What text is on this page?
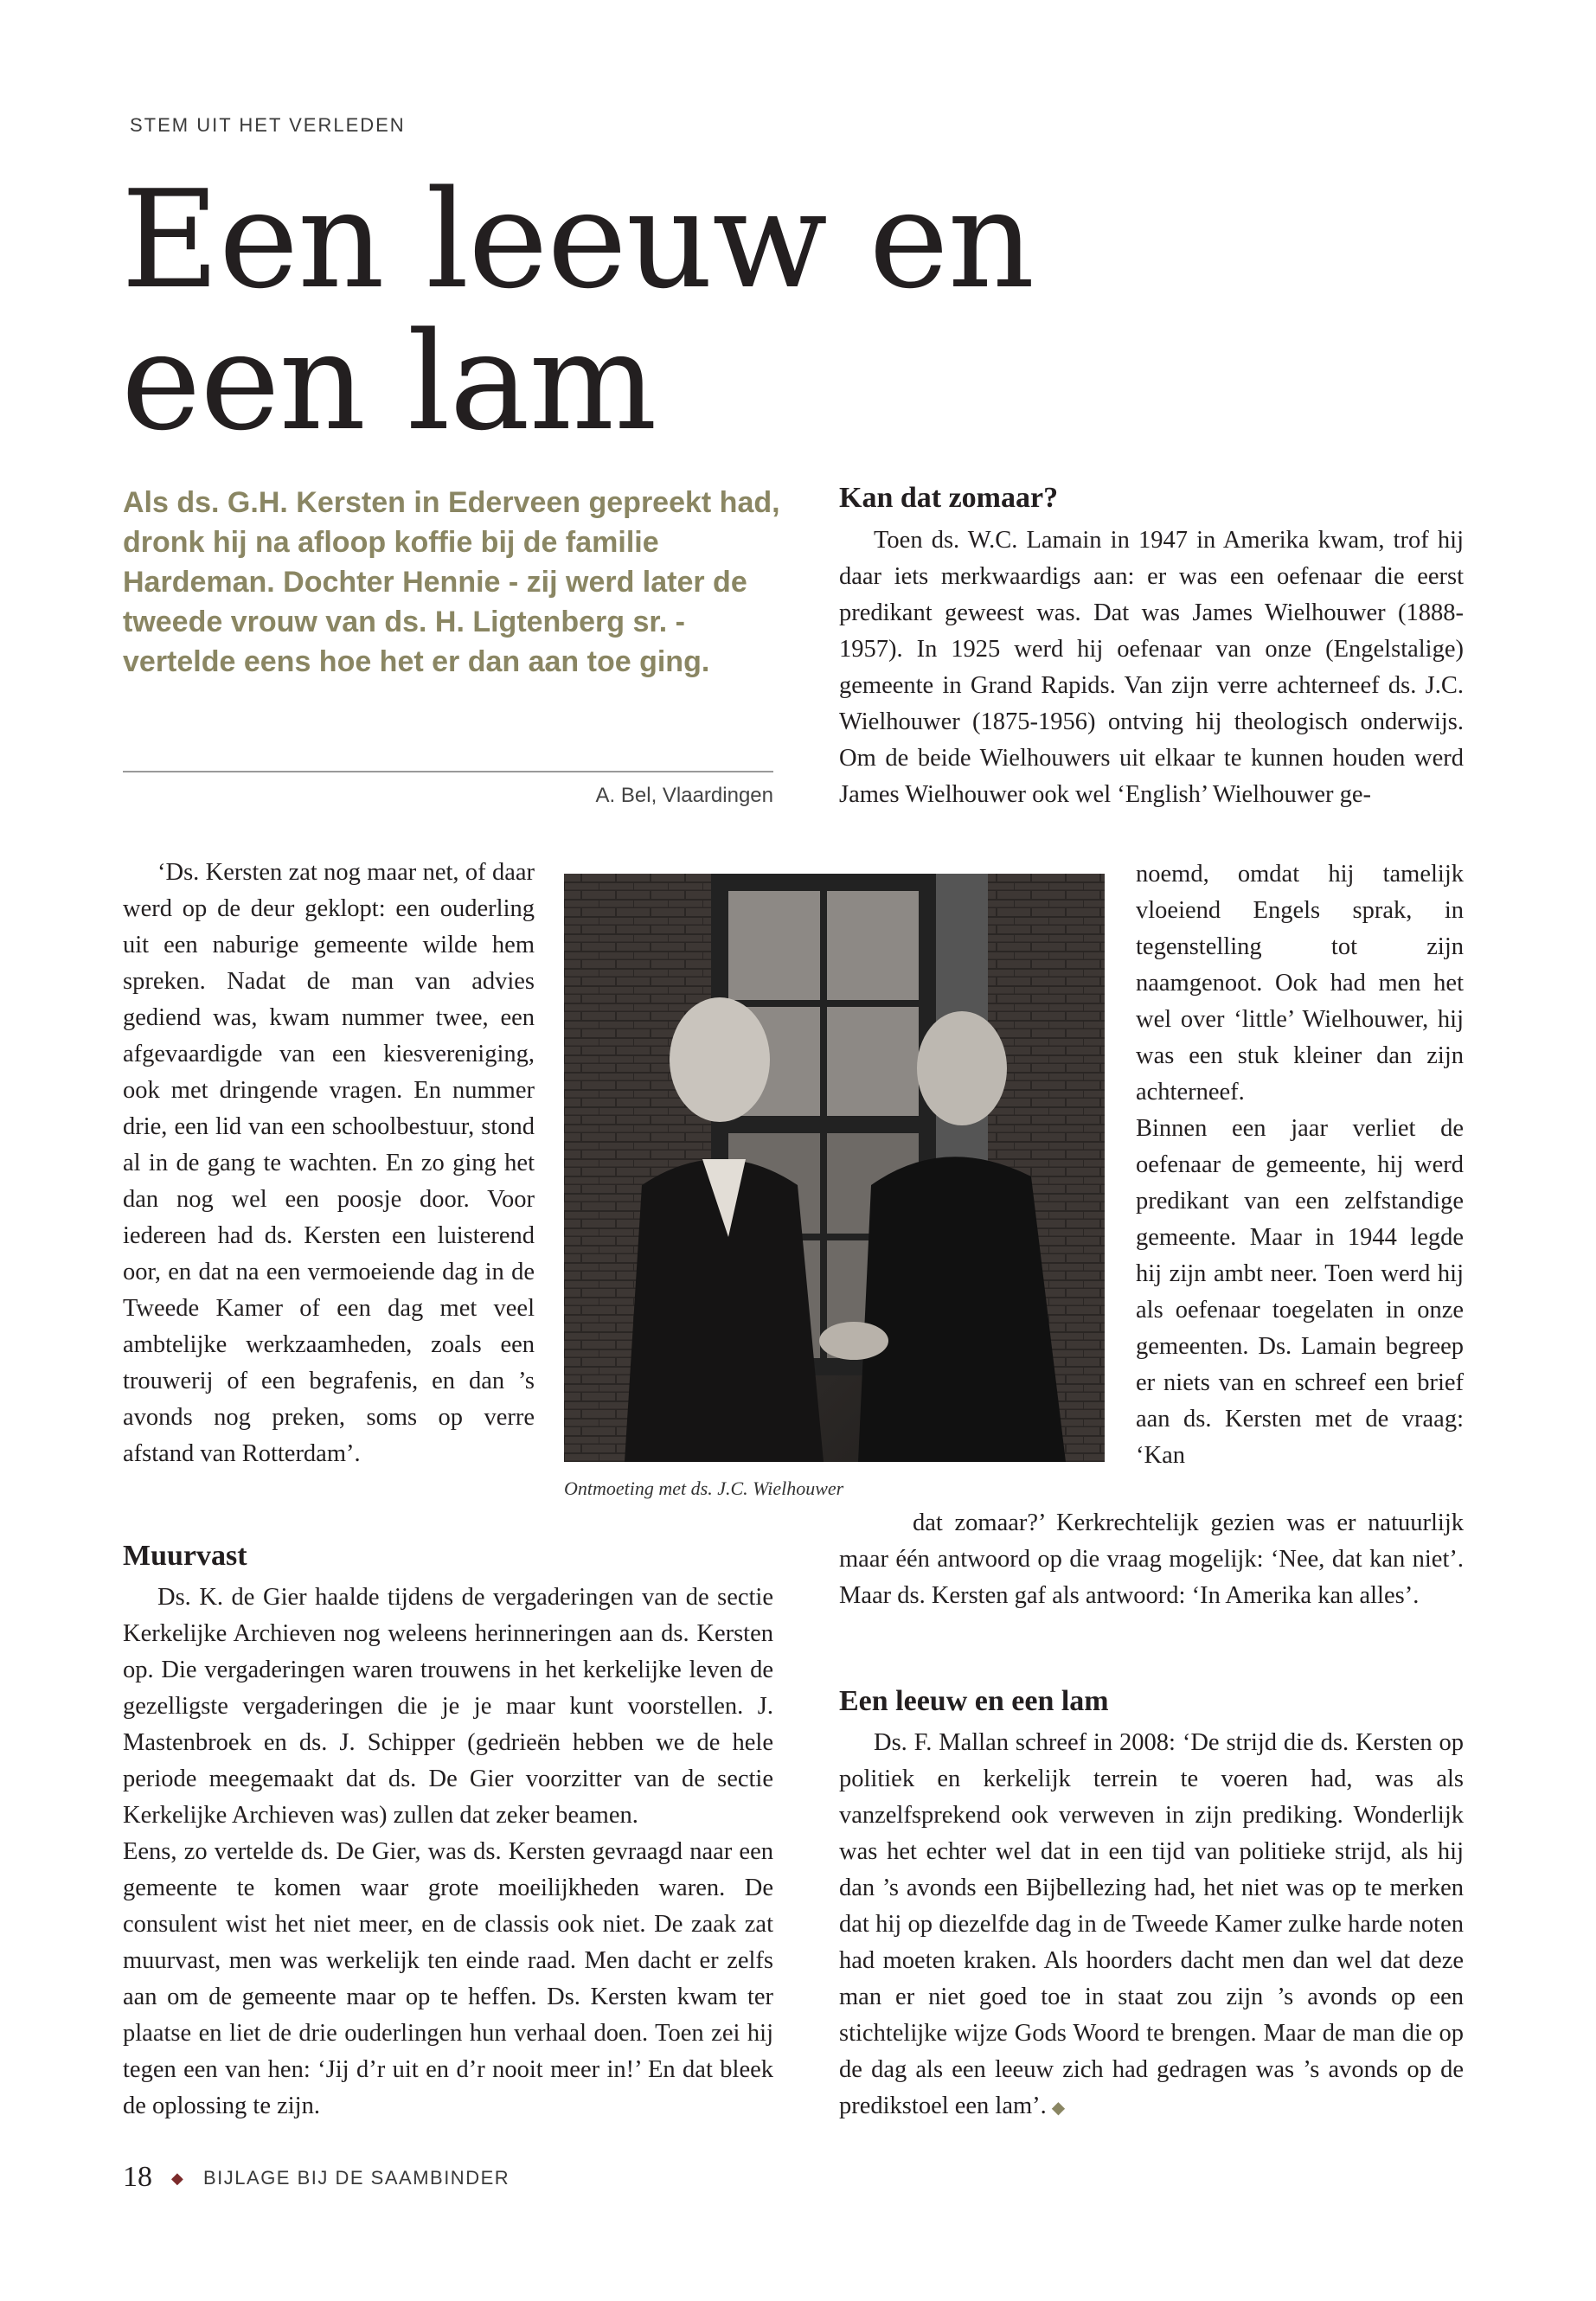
STEM UIT HET VERLEDEN
Een leeuw en
een lam
Als ds. G.H. Kersten in Ederveen gepreekt had, dronk hij na afloop koffie bij de familie Hardeman. Dochter Hennie - zij werd later de tweede vrouw van ds. H. Ligtenberg sr. - vertelde eens hoe het er dan aan toe ging.
A. Bel, Vlaardingen

‘Ds. Kersten zat nog maar net, of daar werd op de deur geklopt: een ouderling uit een naburige gemeente wilde hem spreken. Nadat de man van advies gediend was, kwam nummer twee, een afgevaardigde van een kiesvereniging, ook met dringende vragen. En nummer drie, een lid van een schoolbestuur, stond al in de gang te wachten. En zo ging het dan nog wel een poosje door. Voor iedereen had ds. Kersten een luisterend oor, en dat na een vermoeiende dag in de Tweede Kamer of een dag met veel ambtelijke werkzaamheden, zoals een trouwerij of een begrafenis, en dan ’s avonds nog preken, soms op verre afstand van Rotterdam’.

Ontmoeting met ds. J.C. Wielhouwer
Muurvast

Ds. K. de Gier haalde tijdens de vergaderingen van de sectie Kerkelijke Archieven nog weleens herinneringen aan ds. Kersten op. Die vergaderingen waren trouwens in het kerkelijke leven de gezelligste vergaderingen die je je maar kunt voorstellen. J. Mastenbroek en ds. J. Schipper (gedrieën hebben we de hele periode meegemaakt dat ds. De Gier voorzitter van de sectie Kerkelijke Archieven was) zullen dat zeker beamen.

Eens, zo vertelde ds. De Gier, was ds. Kersten gevraagd naar een gemeente te komen waar grote moeilijkheden waren. De consulent wist het niet meer, en de classis ook niet. De zaak zat muurvast, men was werkelijk ten einde raad. Men dacht er zelfs aan om de gemeente maar op te heffen. Ds. Kersten kwam ter plaatse en liet de drie ouderlingen hun verhaal doen. Toen zei hij tegen een van hen: ‘Jij d’r uit en d’r nooit meer in!’ En dat bleek de oplossing te zijn.

Kan dat zomaar?

Toen ds. W.C. Lamain in 1947 in Amerika kwam, trof hij daar iets merkwaardigs aan: er was een oefenaar die eerst predikant geweest was. Dat was James Wielhouwer (1888-1957). In 1925 werd hij oefenaar van onze (Engelstalige) gemeente in Grand Rapids. Van zijn verre achterneef ds. J.C. Wielhouwer (1875-1956) ontving hij theologisch onderwijs. Om de beide Wielhouwers uit elkaar te kunnen houden werd James Wielhouwer ook wel ‘English’ Wielhouwer ge-

noemd, omdat hij tamelijk vloeiend Engels sprak, in tegenstelling tot zijn naamgenoot. Ook had men het wel over ‘little’ Wielhouwer, hij was een stuk kleiner dan zijn achterneef.

Binnen een jaar verliet de oefenaar de gemeente, hij werd predikant van een zelfstandige gemeente. Maar in 1944 legde hij zijn ambt neer. Toen werd hij als oefenaar toegelaten in onze gemeenten. Ds. Lamain begreep er niets van en schreef een brief aan ds. Kersten met de vraag: ‘Kan

dat zomaar?’ Kerkrechtelijk gezien was er natuurlijk maar één antwoord op die vraag mogelijk: ‘Nee, dat kan niet’. Maar ds. Kersten gaf als antwoord: ‘In Amerika kan alles’.

Een leeuw en een lam

Ds. F. Mallan schreef in 2008: ‘De strijd die ds. Kersten op politiek en kerkelijk terrein te voeren had, was als vanzelfsprekend ook verweven in zijn prediking. Wonderlijk was het echter wel dat in een tijd van politieke strijd, als hij dan ’s avonds een Bijbellezing had, het niet was op te merken dat hij op diezelfde dag in de Tweede Kamer zulke harde noten had moeten kraken. Als hoorders dacht men dan wel dat deze man er niet goed toe in staat zou zijn ’s avonds op een stichtelijke wijze Gods Woord te brengen. Maar de man die op de dag als een leeuw zich had gedragen was ’s avonds op de predikstoel een lam’. ◆

18 ◆ BIJLAGE BIJ DE SAAMBINDER
